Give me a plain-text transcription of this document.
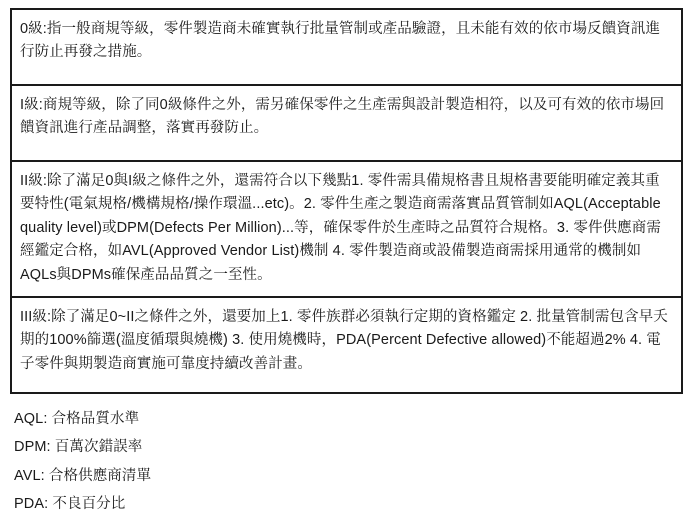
0級:指一般商規等級，零件製造商未確實執行批量管制或產品驗證，且未能有效的依市場反饋資訊進行防止再發之措施。
I級:商規等級，除了同0級條件之外，需另確保零件之生產需與設計製造相符，以及可有效的依市場回饋資訊進行產品調整，落實再發防止。
II級:除了滿足0與I級之條件之外，還需符合以下幾點1. 零件需具備規格書且規格書要能明確定義其重要特性(電氣規格/機構規格/操作環溫...etc)。2. 零件生產之製造商需落實品質管制如AQL(Acceptable quality level)或DPM(Defects Per Million)...等，確保零件於生產時之品質符合規格。3. 零件供應商需經鑑定合格，如AVL(Approved Vendor List)機制 4. 零件製造商或設備製造商需採用通常的機制如AQLs與DPMs確保產品品質之一至性。
III級:除了滿足0~II之條件之外，還要加上1. 零件族群必須執行定期的資格鑑定 2. 批量管制需包含早夭期的100%篩選(溫度循環與燒機) 3. 使用燒機時，PDA(Percent Defective allowed)不能超過2% 4. 電子零件與期製造商實施可靠度持續改善計畫。
AQL: 合格品質水準
DPM: 百萬次錯誤率
AVL: 合格供應商清單
PDA: 不良百分比
